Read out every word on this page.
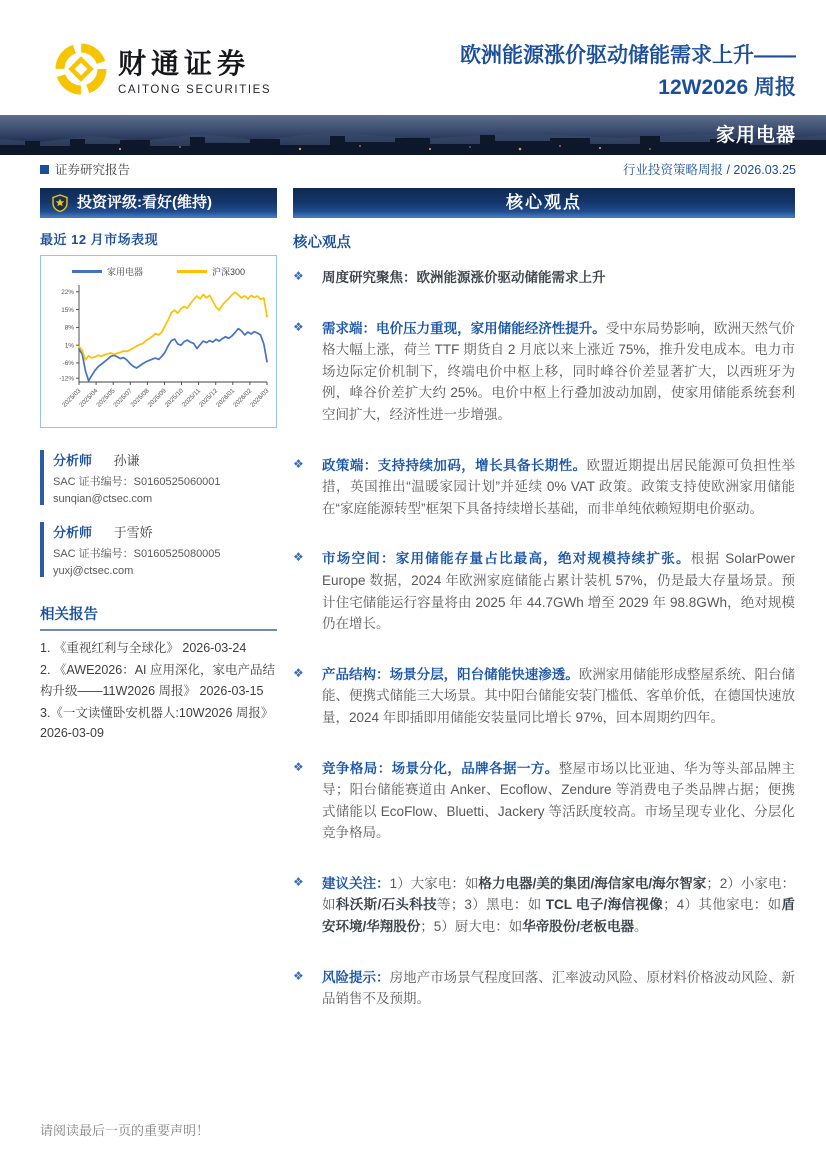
财通证券
CAITONG SECURITIES
欧洲能源涨价驱动储能需求上升——
12W2026 周报
家用电器
证券研究报告	行业投资策略周报 / 2026.03.25
投资评级:看好(维持)
最近 12 月市场表现
家用电器	沪深300
22%
15%
8%
1%
-6%
-12%
2025/03
2025/04
2025/05
2025/07
2025/08
2025/09
2025/10
2025/11
2025/12
2026/01
2026/02
2026/03
分析师 孙谦
SAC 证书编号：S0160525060001
sunqian@ctsec.com
分析师 于雪娇
SAC 证书编号：S0160525080005
yuxj@ctsec.com
相关报告
1. 《重视红利与全球化》 2026-03-24
2. 《AWE2026：AI 应用深化，家电产品结构升级——11W2026 周报》 2026-03-15
3.《一文读懂卧安机器人:10W2026 周报》2026-03-09
核心观点
核心观点
❖	周度研究聚焦：欧洲能源涨价驱动储能需求上升
❖	需求端：电价压力重现，家用储能经济性提升。受中东局势影响，欧洲天然气价格大幅上涨，荷兰 TTF 期货自 2 月底以来上涨近 75%，推升发电成本。电力市场边际定价机制下，终端电价中枢上移，同时峰谷价差显著扩大，以西班牙为例，峰谷价差扩大约 25%。电价中枢上行叠加波动加剧，使家用储能系统套利空间扩大，经济性进一步增强。
❖	政策端：支持持续加码，增长具备长期性。欧盟近期提出居民能源可负担性举措，英国推出“温暖家园计划”并延续 0% VAT 政策。政策支持使欧洲家用储能在“家庭能源转型”框架下具备持续增长基础，而非单纯依赖短期电价驱动。
❖	市场空间：家用储能存量占比最高，绝对规模持续扩张。根据 SolarPower Europe 数据，2024 年欧洲家庭储能占累计装机 57%，仍是最大存量场景。预计住宅储能运行容量将由 2025 年 44.7GWh 增至 2029 年 98.8GWh，绝对规模仍在增长。
❖	产品结构：场景分层，阳台储能快速渗透。欧洲家用储能形成整屋系统、阳台储能、便携式储能三大场景。其中阳台储能安装门槛低、客单价低，在德国快速放量，2024 年即插即用储能安装量同比增长 97%，回本周期约四年。
❖	竞争格局：场景分化，品牌各据一方。整屋市场以比亚迪、华为等头部品牌主导；阳台储能赛道由 Anker、Ecoflow、Zendure 等消费电子类品牌占据；便携式储能以 EcoFlow、Bluetti、Jackery 等活跃度较高。市场呈现专业化、分层化竞争格局。
❖	建议关注：1）大家电：如格力电器/美的集团/海信家电/海尔智家；2）小家电：如科沃斯/石头科技等；3）黑电：如 TCL 电子/海信视像；4）其他家电：如盾安环境/华翔股份；5）厨大电：如华帝股份/老板电器。
❖	风险提示：房地产市场景气程度回落、汇率波动风险、原材料价格波动风险、新品销售不及预期。
请阅读最后一页的重要声明！
